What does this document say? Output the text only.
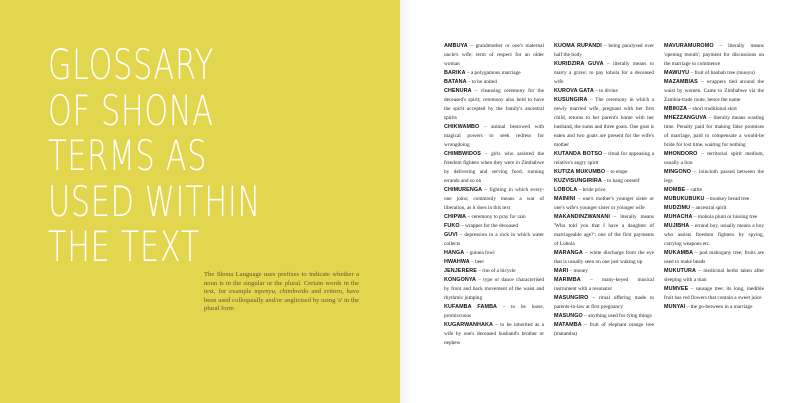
GLOSSARY
OF SHONA
TERMS AS
USED WITHIN
THE TEXT
The Shona Language uses prefixes to indicate whether a noun is in the singular or the plural. Certain words in the text, for example mpenyu, chimbwido and zvitoro, have been used colloquially and/or anglicised by using 's' in the plural form

AMBUYA – grandmother or one's maternal uncle's wife; term of respect for an older woman

BARIKA – a polygamous marriage

BATANA – to be united

CHENURA – cleansing ceremony for the deceased's spirit; ceremony also held to have the spirit accepted by the family's ancestral spirits

CHIKWAMBO – animal bestowed with magical powers to seek redress for wrongdoing

CHIMBWIDOS – girls who assisted the freedom fighters when they were in Zimbabwe by delivering and serving food, running errands and so on

CHIMURENGA – fighting in which every-one joins; commonly means a war of liberation, as it does in this text

CHIPWA – ceremony to pray for rain

FUKO – wrapper for the deceased

GUVI – depression in a rock in which water collects

HANGA – guinea fowl

HWAHWA – beer

JENJERERE – rim of a bicycle

KONGONYA – type or dance characterised by front and back movement of the waist and rhythmic jumping

KUFAMBA FAMBA – to be loose, promiscuous

KUGARWANHAKA – to be inherited as a wife by one's deceased husband's brother or nephew

KUOMA RUPANDI – being paralysed over half the body

KURIDZIRA GUVA – literally means to marry a grave; to pay lobola for a deceased wife

KUROVA GATA – to divine

KUSUNGIRA – The ceremony in which a newly married wife, pregnant with her first child, returns to her parent's home with her husband, the sums and three goats. One goat is eaten and two goats are present for the wife's mother

KUTANDA BOTSO – ritual for appeasing a relative's angry spirit

KUTIZA MUKUMBO – to elope

KUZVISUNGIRIRA – to hang oneself

LOBOLA – bride price

MAININI – one's mother's younger sister or one's wife's younger sister or younger wife

MAKANDINZWANANI – literally means 'Who told you that I have a daughter of marriageable age?'; one of the first payments of Lobola

MARANGA – white discharge from the eye that is usually seen on one just waking up

MARI – money

MARIMBA – many-keyed musical instrument with a resonator

MASUNGIRO – ritual offering made to parents-in-law at first pregnancy

MASUNGO – anything used for tying things

MATAMBA – fruit of elephant orange tree (matamba)

MAVURAMUROMO – literally means 'opening mouth'; payment for discussions on the marriage to commence

MAWUYU – fruit of baobab tree (muuyu)

MAZAMBIAS – wrappers tied around the waist by women. Came to Zimbabwe via the Zambia-trade route, hence the name

MBIKIZA – short traditional skirt

MHEZZANGUVA – literally means wasting time. Penalty paid for making false promises of marriage, paid to compensate a would-be bride for lost time, waiting for nothing

MHONDORO – territorial spirit medium, usually a lion

MINGONO – loincloth passed between the legs

MOMBE – cattle

MUBUKUBUKU – monkey bread tree

MUDZIMU – ancestral spirit

MUHACHA – mobola plum or hissing tree

MUJIBHA – errand boy, usually means a boy who assists freedom fighters by spying, carrying weapons etc.

MUKAMBA – pod mahogany tree; fruits are used to make beads

MUKUTURA – medicinal herbs taken after sleeping with a man

MUMVEE – sausage tree; its long, inedible fruit has red flowers that contain a sweet juice

MUNYAI – the go-between in a marriage
